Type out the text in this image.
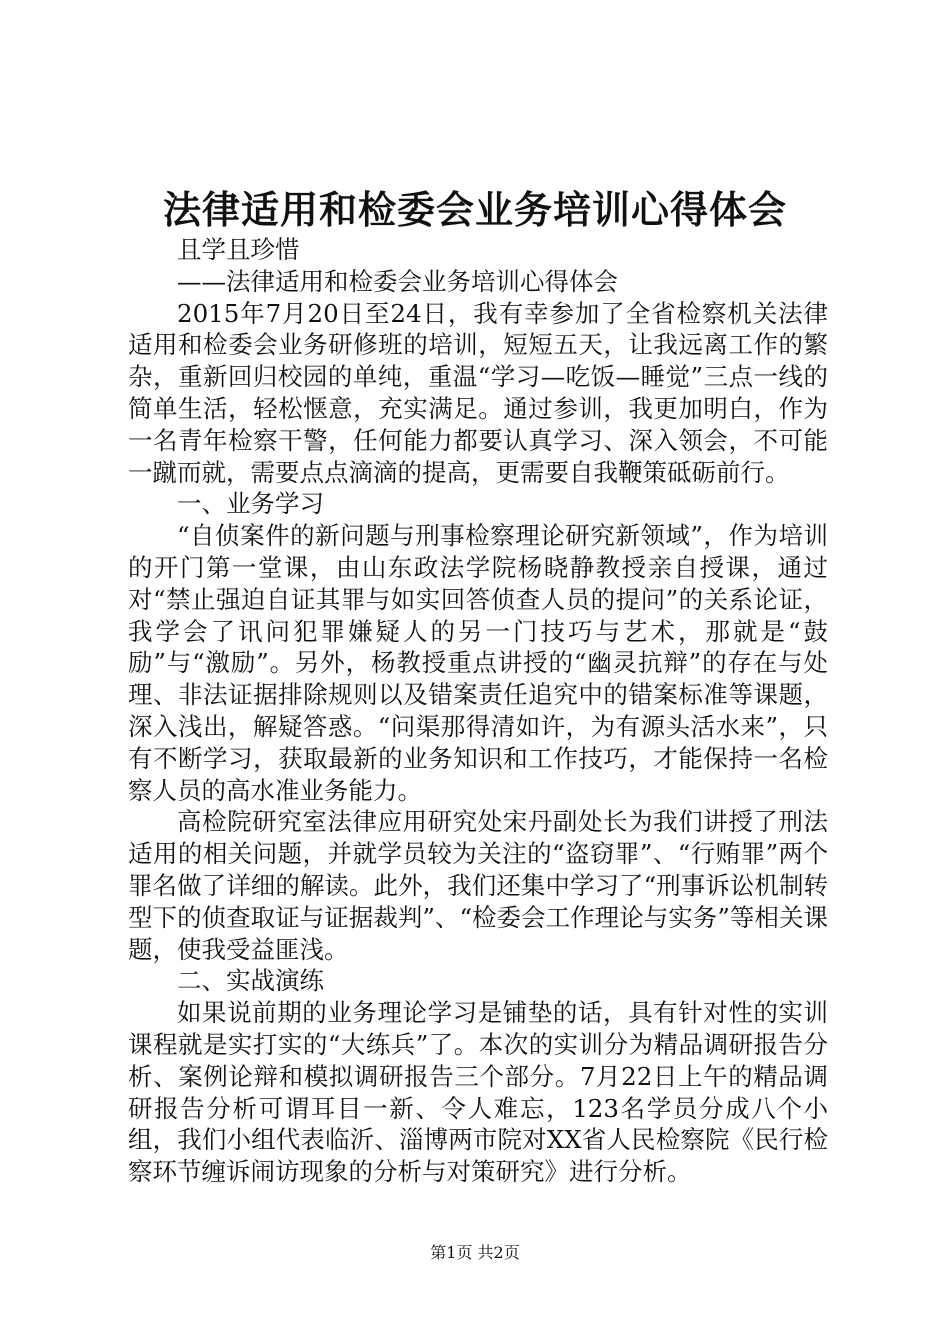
法律适用和检委会业务培训心得体会

且学且珍惜

——法律适用和检委会业务培训心得体会

2015年7月20日至24日，我有幸参加了全省检察机关法律适用和检委会业务研修班的培训，短短五天，让我远离工作的繁杂，重新回归校园的单纯，重温“学习—吃饭—睡觉”三点一线的简单生活，轻松惬意，充实满足。通过参训，我更加明白，作为一名青年检察干警，任何能力都要认真学习、深入领会，不可能一蹴而就，需要点点滴滴的提高，更需要自我鞭策砥砺前行。

一、业务学习

“自侦案件的新问题与刑事检察理论研究新领域”，作为培训的开门第一堂课，由山东政法学院杨晓静教授亲自授课，通过对“禁止强迫自证其罪与如实回答侦查人员的提问”的关系论证，我学会了讯问犯罪嫌疑人的另一门技巧与艺术，那就是“鼓励”与“激励”。另外，杨教授重点讲授的“幽灵抗辩”的存在与处理、非法证据排除规则以及错案责任追究中的错案标准等课题，深入浅出，解疑答惑。“问渠那得清如许，为有源头活水来”，只有不断学习，获取最新的业务知识和工作技巧，才能保持一名检察人员的高水准业务能力。

高检院研究室法律应用研究处宋丹副处长为我们讲授了刑法适用的相关问题，并就学员较为关注的“盗窃罪”、“行贿罪”两个罪名做了详细的解读。此外，我们还集中学习了“刑事诉讼机制转型下的侦查取证与证据裁判”、“检委会工作理论与实务”等相关课题，使我受益匪浅。

二、实战演练

如果说前期的业务理论学习是铺垫的话，具有针对性的实训课程就是实打实的“大练兵”了。本次的实训分为精品调研报告分析、案例论辩和模拟调研报告三个部分。7月22日上午的精品调研报告分析可谓耳目一新、令人难忘，123名学员分成八个小组，我们小组代表临沂、淄博两市院对XX省人民检察院《民行检察环节缠诉闹访现象的分析与对策研究》进行分析。

第1页 共2页
